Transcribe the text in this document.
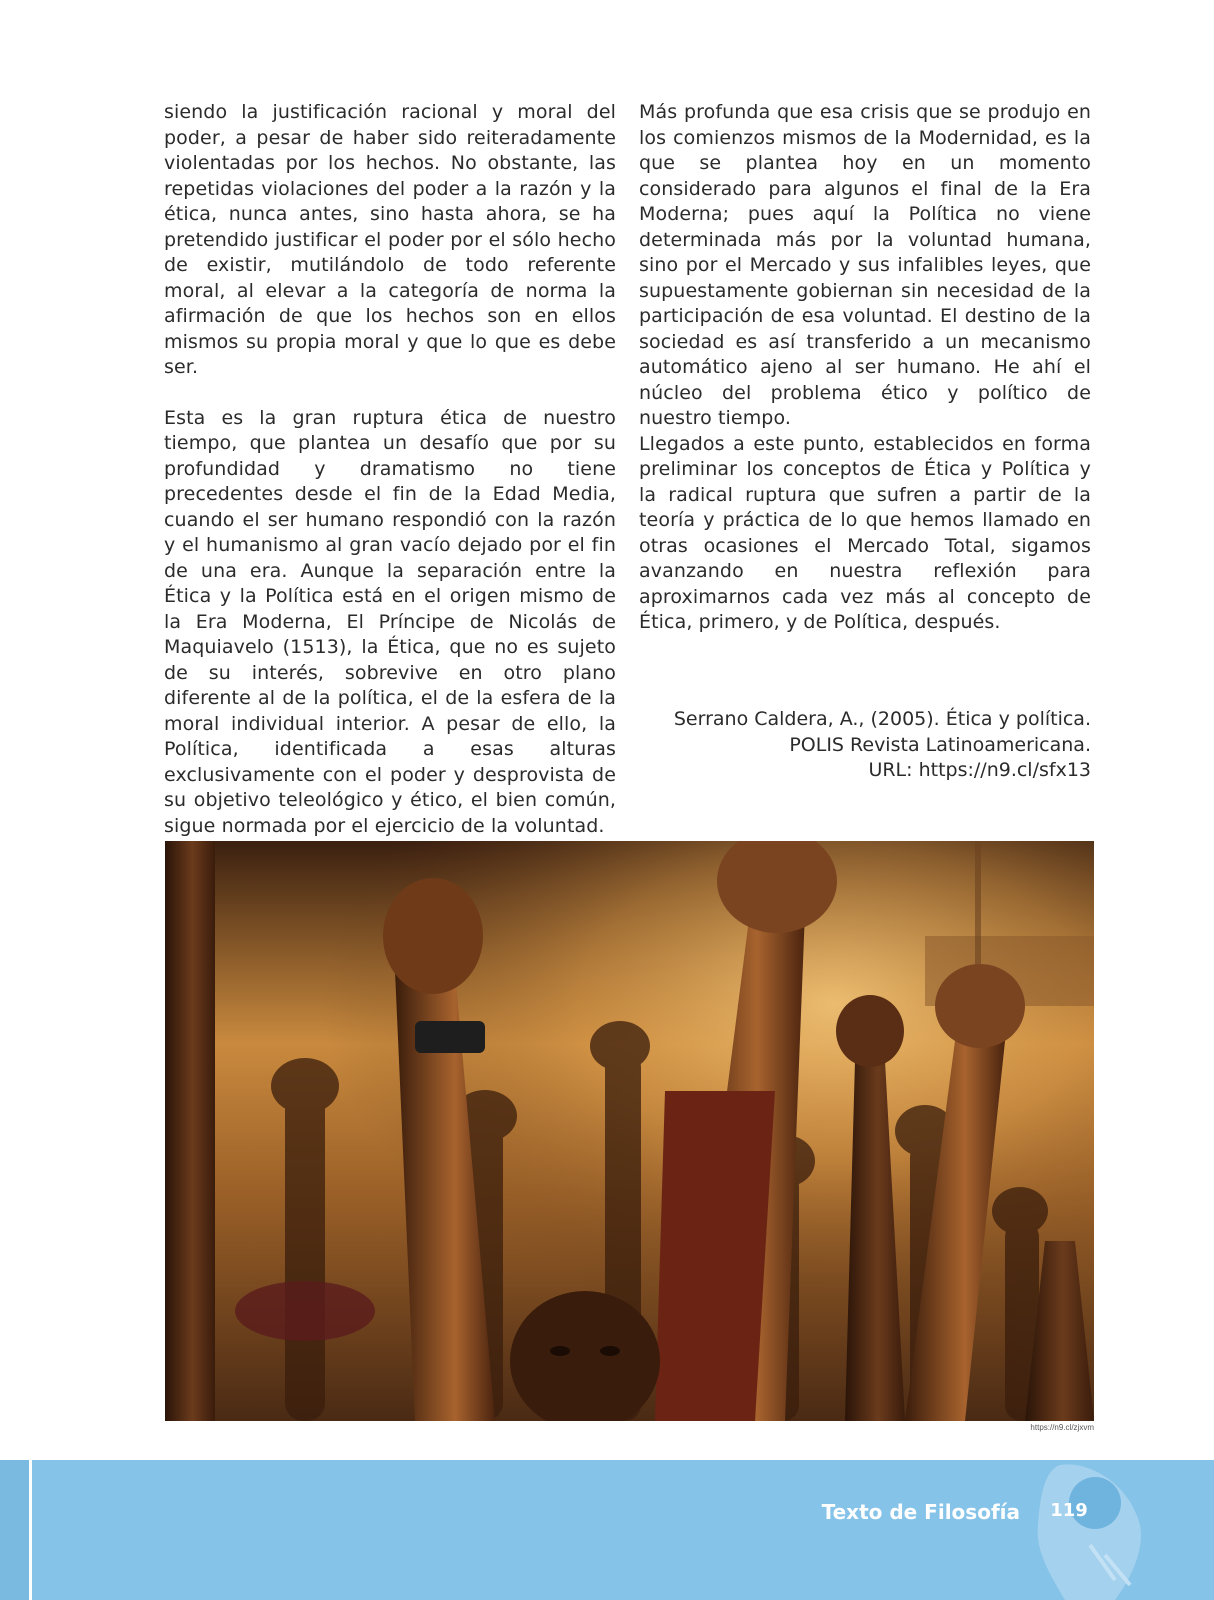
siendo la justificación racional y moral del poder, a pesar de haber sido reiteradamente violentadas por los hechos. No obstante, las repetidas violaciones del poder a la razón y la ética, nunca antes, sino hasta ahora, se ha pretendido justificar el poder por el sólo hecho de existir, mutilándolo de todo referente moral, al elevar a la categoría de norma la afirmación de que los hechos son en ellos mismos su propia moral y que lo que es debe ser.

Esta es la gran ruptura ética de nuestro tiempo, que plantea un desafío que por su profundidad y dramatismo no tiene precedentes desde el fin de la Edad Media, cuando el ser humano respondió con la razón y el humanismo al gran vacío dejado por el fin de una era. Aunque la separación entre la Ética y la Política está en el origen mismo de la Era Moderna, El Príncipe de Nicolás de Maquiavelo (1513), la Ética, que no es sujeto de su interés, sobrevive en otro plano diferente al de la política, el de la esfera de la moral individual interior. A pesar de ello, la Política, identificada a esas alturas exclusivamente con el poder y desprovista de su objetivo teleológico y ético, el bien común, sigue normada por el ejercicio de la voluntad.

Más profunda que esa crisis que se produjo en los comienzos mismos de la Modernidad, es la que se plantea hoy en un momento considerado para algunos el final de la Era Moderna; pues aquí la Política no viene determinada más por la voluntad humana, sino por el Mercado y sus infalibles leyes, que supuestamente gobiernan sin necesidad de la participación de esa voluntad. El destino de la sociedad es así transferido a un mecanismo automático ajeno al ser humano. He ahí el núcleo del problema ético y político de nuestro tiempo.

Llegados a este punto, establecidos en forma preliminar los conceptos de Ética y Política y la radical ruptura que sufren a partir de la teoría y práctica de lo que hemos llamado en otras ocasiones el Mercado Total, sigamos avanzando en nuestra reflexión para aproximarnos cada vez más al concepto de Ética, primero, y de Política, después.

Serrano Caldera, A., (2005). Ética y política.
POLIS Revista Latinoamericana.
URL: https://n9.cl/sfx13
https://n9.cl/zjxvm
Texto de Filosofía	119
